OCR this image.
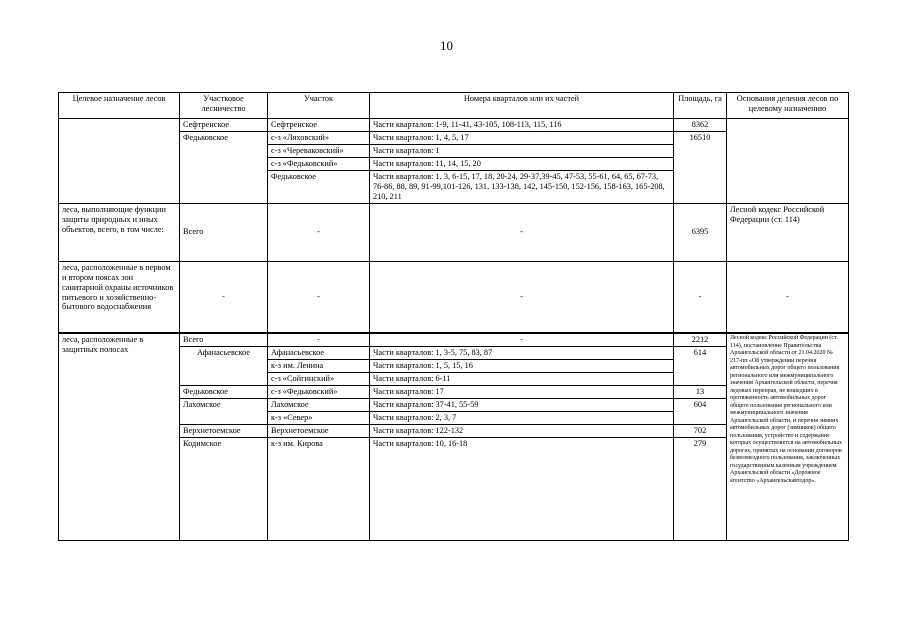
10
Целевое назначение лесов	Участковое лесничество	Участок	Номера кварталов или их частей	Площадь, га	Основания деления лесов по целевому назначению
	Сефтренское	Сефтренское	Части кварталов: 1-9, 11-41, 43-105, 108-113, 115, 116	8362	
	Федьковское	с-з «Ляховский»	Части кварталов: 1, 4, 5, 17	16510	
		с-з «Череваковский»	Части кварталов: 1		
		с-з «Федьковский»	Части кварталов: 11, 14, 15, 20		
		Федьковское	Части кварталов: 1, 3, 6-15, 17, 18, 20-24, 29-37,39-45, 47-53, 55-61, 64, 65, 67-73, 76-86, 88, 89, 91-99,101-126, 131, 133-138, 142, 145-150, 152-156, 158-163, 165-208, 210, 211		
леса, выполняющие функции защиты природных и иных объектов, всего, в том числе:	Всего	-	-	6395	Лесной кодекс Российской Федерации (ст. 114)
леса, расположенные в первом и втором поясах зон санитарной охраны источников питьевого и хозяйственно-бытового водоснабжения	-	-	-	-	-
леса, расположенные в защитных полосах	Всего	-	-	2212	Лесной кодекс Российской Федерации (ст. 114), постановление Правительства Архангельской области от 21.04.2020 № 217-пп «Об утверждении перечня автомобильных дорог общего пользования регионального или межмуниципального значения Архангельской области, перечня ледовых переправ, не вошедших в протяженность автомобильных дорог общего пользования регионального или межмуниципального значения Архангельской области, и перечня зимних автомобильных дорог (зимников) общего пользования, устройство и содержание которых осуществляется на автомобильных дорогах, принятых на основании договоров безвозмездного пользования, заключенных государственным казенным учреждением Архангельской области «Дорожное агентство «Архангельскавтодор».
	Афанасьевское	Афанасьевское	Части кварталов: 1, 3-5, 75, 83, 87	614	
		к-з им. Ленина	Части кварталов: 1, 5, 15, 16		
		с-з «Сойгинский»	Части кварталов: 6-11		
	Федьковское	с-з «Федьковский»	Части кварталов: 17	13	
	Лахомское	Лахомское	Части кварталов: 37-41, 55-59	604	
		к-з «Север»	Части кварталов: 2, 3, 7		
	Верхнетоемское	Верхнетоемское	Части кварталов: 122-132	702	
	Кодимское	к-з им. Кирова	Части кварталов: 10, 16-18	279	
